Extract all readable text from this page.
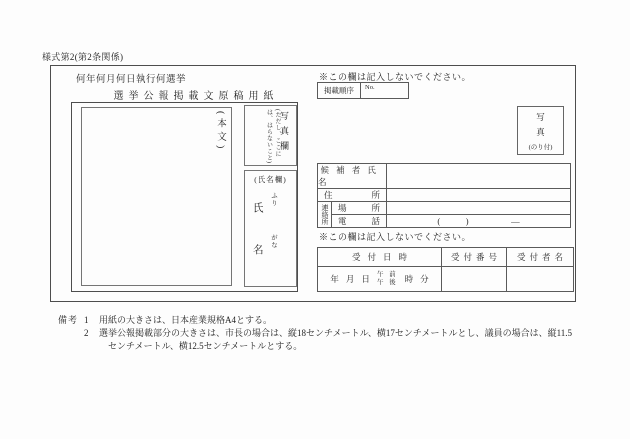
様式第2(第2条関係)
何年何月何日執行何選挙
選挙公報掲載文原稿用紙
(本文)	写真欄
(ただし、ここには、はらないこと)
(氏名欄)
ふり
がな
氏
名
※この欄は記入しないでください。
掲載順序	No.
写
真
(のり付)
候 補 者 氏 名
住	所
連絡所 場	所
電	話	(　　　)　　　　　―
※この欄は記入しないでください。
受付日時	受付番号	受付者名
年 月 日 午 前
午 後 時 分
備考 1	用紙の大きさは、日本産業規格A4とする。
2	選挙公報掲載部分の大きさは、市長の場合は、縦18センチメートル、横17センチメートルとし、議員の場合は、縦11.5センチメートル、横12.5センチメートルとする。
